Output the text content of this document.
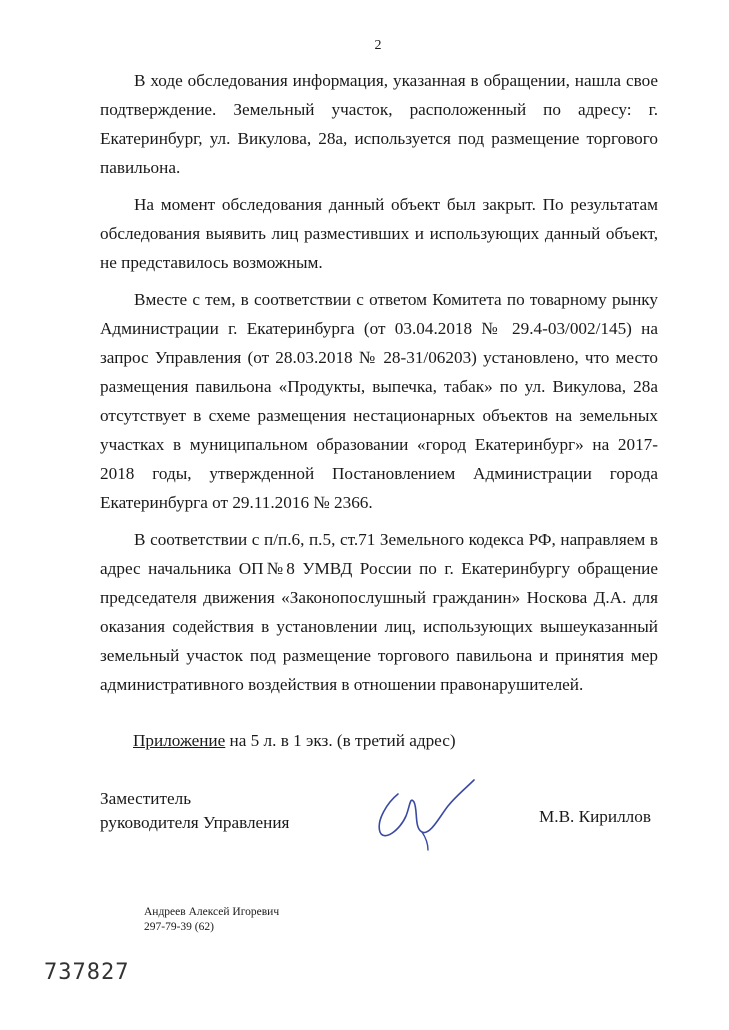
2

В ходе обследования информация, указанная в обращении, нашла свое подтверждение. Земельный участок, расположенный по адресу: г. Екатеринбург, ул. Викулова, 28а, используется под размещение торгового павильона.

На момент обследования данный объект был закрыт. По результатам обследования выявить лиц разместивших и использующих данный объект, не представилось возможным.

Вместе с тем, в соответствии с ответом Комитета по товарному рынку Администрации г. Екатеринбурга (от 03.04.2018 № 29.4-03/002/145) на запрос Управления (от 28.03.2018 № 28-31/06203) установлено, что место размещения павильона «Продукты, выпечка, табак» по ул. Викулова, 28а отсутствует в схеме размещения нестационарных объектов на земельных участках в муниципальном образовании «город Екатеринбург» на 2017-2018 годы, утвержденной Постановлением Администрации города Екатеринбурга от 29.11.2016 № 2366.

В соответствии с п/п.6, п.5, ст.71 Земельного кодекса РФ, направляем в адрес начальника ОП№8 УМВД России по г. Екатеринбургу обращение председателя движения «Законопослушный гражданин» Носкова Д.А. для оказания содействия в установлении лиц, использующих вышеуказанный земельный участок под размещение торгового павильона и принятия мер административного воздействия в отношении правонарушителей.

Приложение на 5 л. в 1 экз. (в третий адрес)
Заместитель
руководителя Управления	М.В. Кириллов
Андреев Алексей Игоревич
297-79-39 (62)
737827
